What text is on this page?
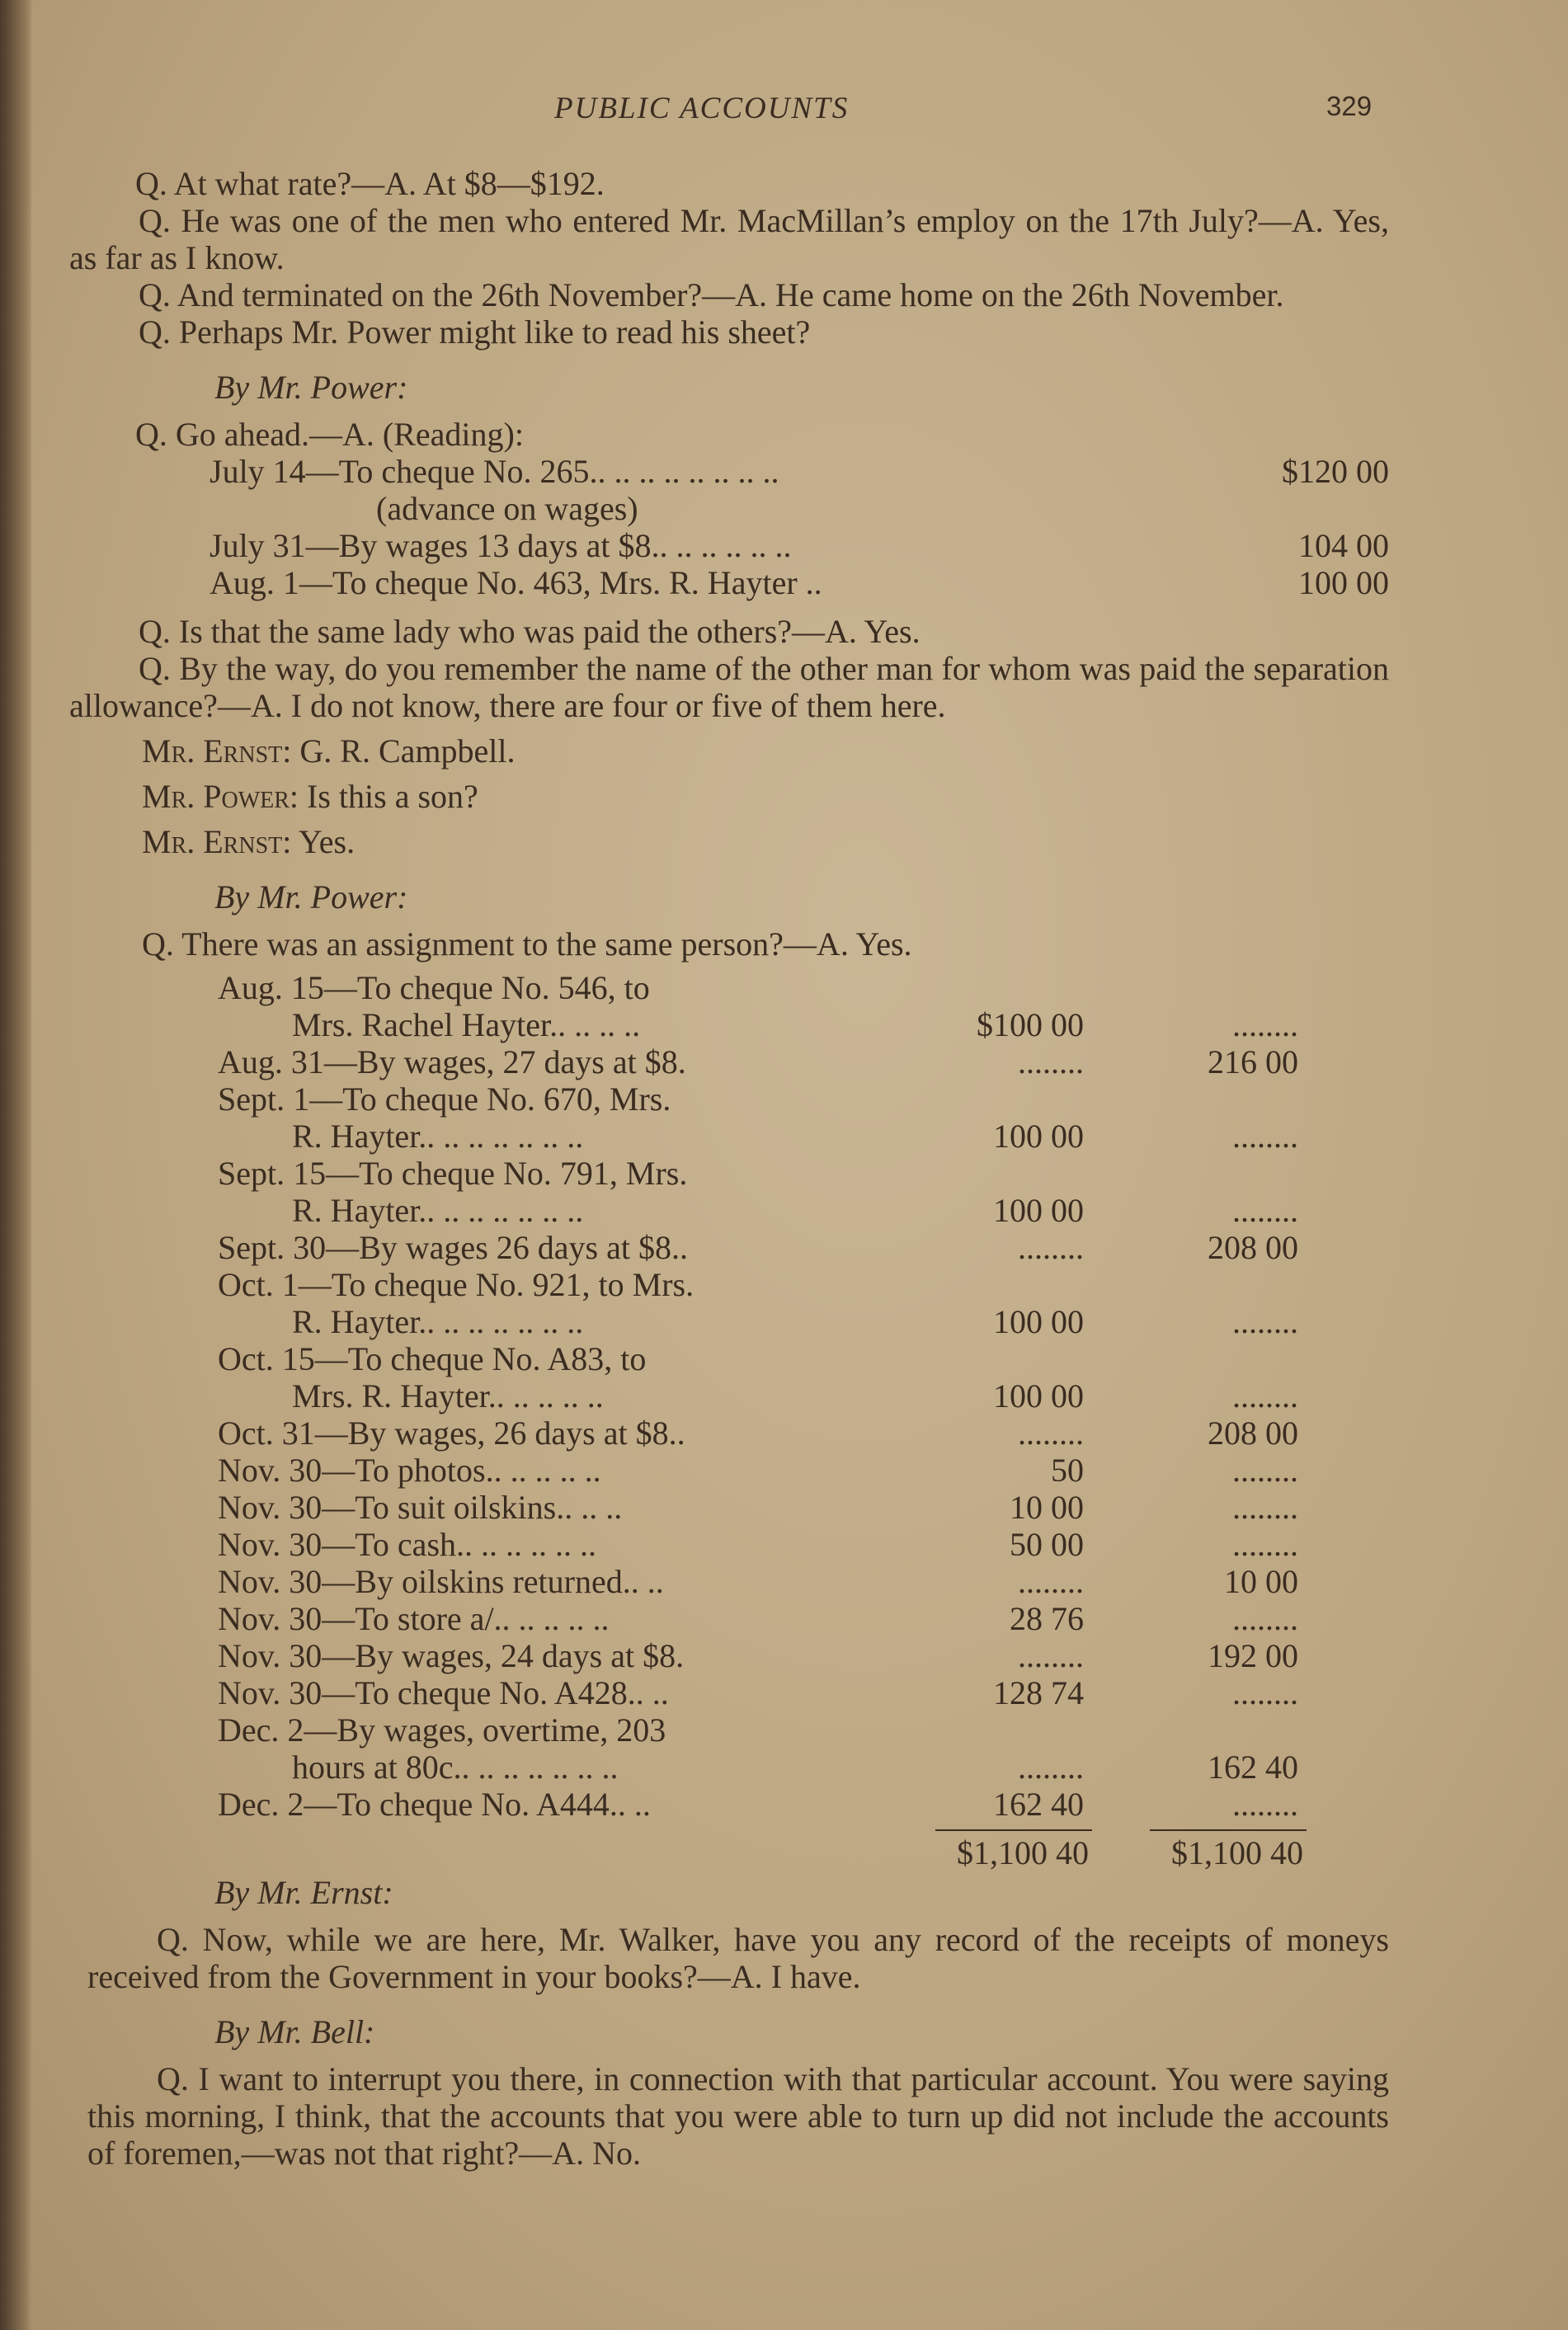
PUBLIC ACCOUNTS	329

Q. At what rate?—A. At $8—$192.

Q. He was one of the men who entered Mr. MacMillan’s employ on the 17th July?—A. Yes, as far as I know.

Q. And terminated on the 26th November?—A. He came home on the 26th November.

Q. Perhaps Mr. Power might like to read his sheet?

By Mr. Power:

Q. Go ahead.—A. (Reading):

July 14—To cheque No. 265.. .. .. .. .. .. .. ..	$120 00
(advance on wages)
July 31—By wages 13 days at $8.. .. .. .. .. ..	104 00
Aug. 1—To cheque No. 463, Mrs. R. Hayter ..	100 00

Q. Is that the same lady who was paid the others?—A. Yes.

Q. By the way, do you remember the name of the other man for whom was paid the separation allowance?—A. I do not know, there are four or five of them here.

Mr. Ernst: G. R. Campbell.

Mr. Power: Is this a son?

Mr. Ernst: Yes.

By Mr. Power:

Q. There was an assignment to the same person?—A. Yes.

Aug. 15—To cheque No. 546, to
Mrs. Rachel Hayter.. .. .. ..	$100 00	........
Aug. 31—By wages, 27 days at $8.	........	216 00
Sept. 1—To cheque No. 670, Mrs.
R. Hayter.. .. .. .. .. .. ..	100 00	........
Sept. 15—To cheque No. 791, Mrs.
R. Hayter.. .. .. .. .. .. ..	100 00	........
Sept. 30—By wages 26 days at $8..	........	208 00
Oct. 1—To cheque No. 921, to Mrs.
R. Hayter.. .. .. .. .. .. ..	100 00	........
Oct. 15—To cheque No. A83, to
Mrs. R. Hayter.. .. .. .. ..	100 00	........
Oct. 31—By wages, 26 days at $8..	........	208 00
Nov. 30—To photos.. .. .. .. ..	50	........
Nov. 30—To suit oilskins.. .. ..	10 00	........
Nov. 30—To cash.. .. .. .. .. ..	50 00	........
Nov. 30—By oilskins returned.. ..	........	10 00
Nov. 30—To store a/.. .. .. .. ..	28 76	........
Nov. 30—By wages, 24 days at $8.	........	192 00
Nov. 30—To cheque No. A428.. ..	128 74	........
Dec. 2—By wages, overtime, 203
hours at 80c.. .. .. .. .. .. ..	........	162 40
Dec. 2—To cheque No. A444.. ..	162 40	........
$1,100 40	$1,100 40

By Mr. Ernst:

Q. Now, while we are here, Mr. Walker, have you any record of the receipts of moneys received from the Government in your books?—A. I have.

By Mr. Bell:

Q. I want to interrupt you there, in connection with that particular account. You were saying this morning, I think, that the accounts that you were able to turn up did not include the accounts of foremen,—was not that right?—A. No.
